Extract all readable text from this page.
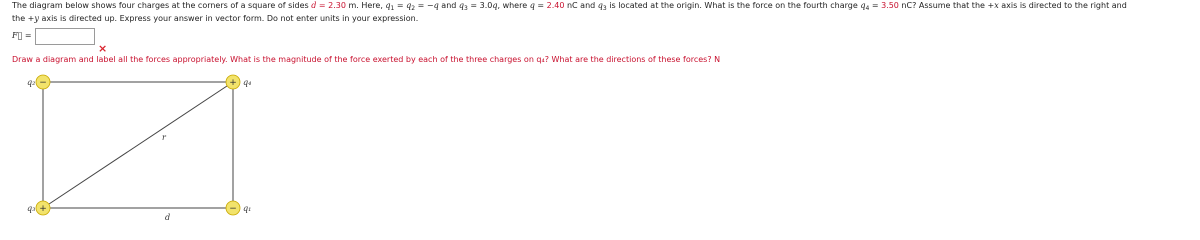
The diagram below shows four charges at the corners of a square of sides d = 2.30 m. Here, $q_1 = q_2 = -q$ and $q_3 = 3.0q$, where q = 2.40 nC and $q_3$ is located at the origin. What is the force on the fourth charge $q_4 = 3.50$ nC? Assume that the +x axis is directed to the right and
the +y axis is directed up. Express your answer in vector form. Do not enter units in your expression.
F⃗ =
×
Draw a diagram and label all the forces appropriately. What is the magnitude of the force exerted by each of the three charges on q₄? What are the directions of these forces? N
−	+
+	−
q₂	q₄
q₃	q₁
r
d
